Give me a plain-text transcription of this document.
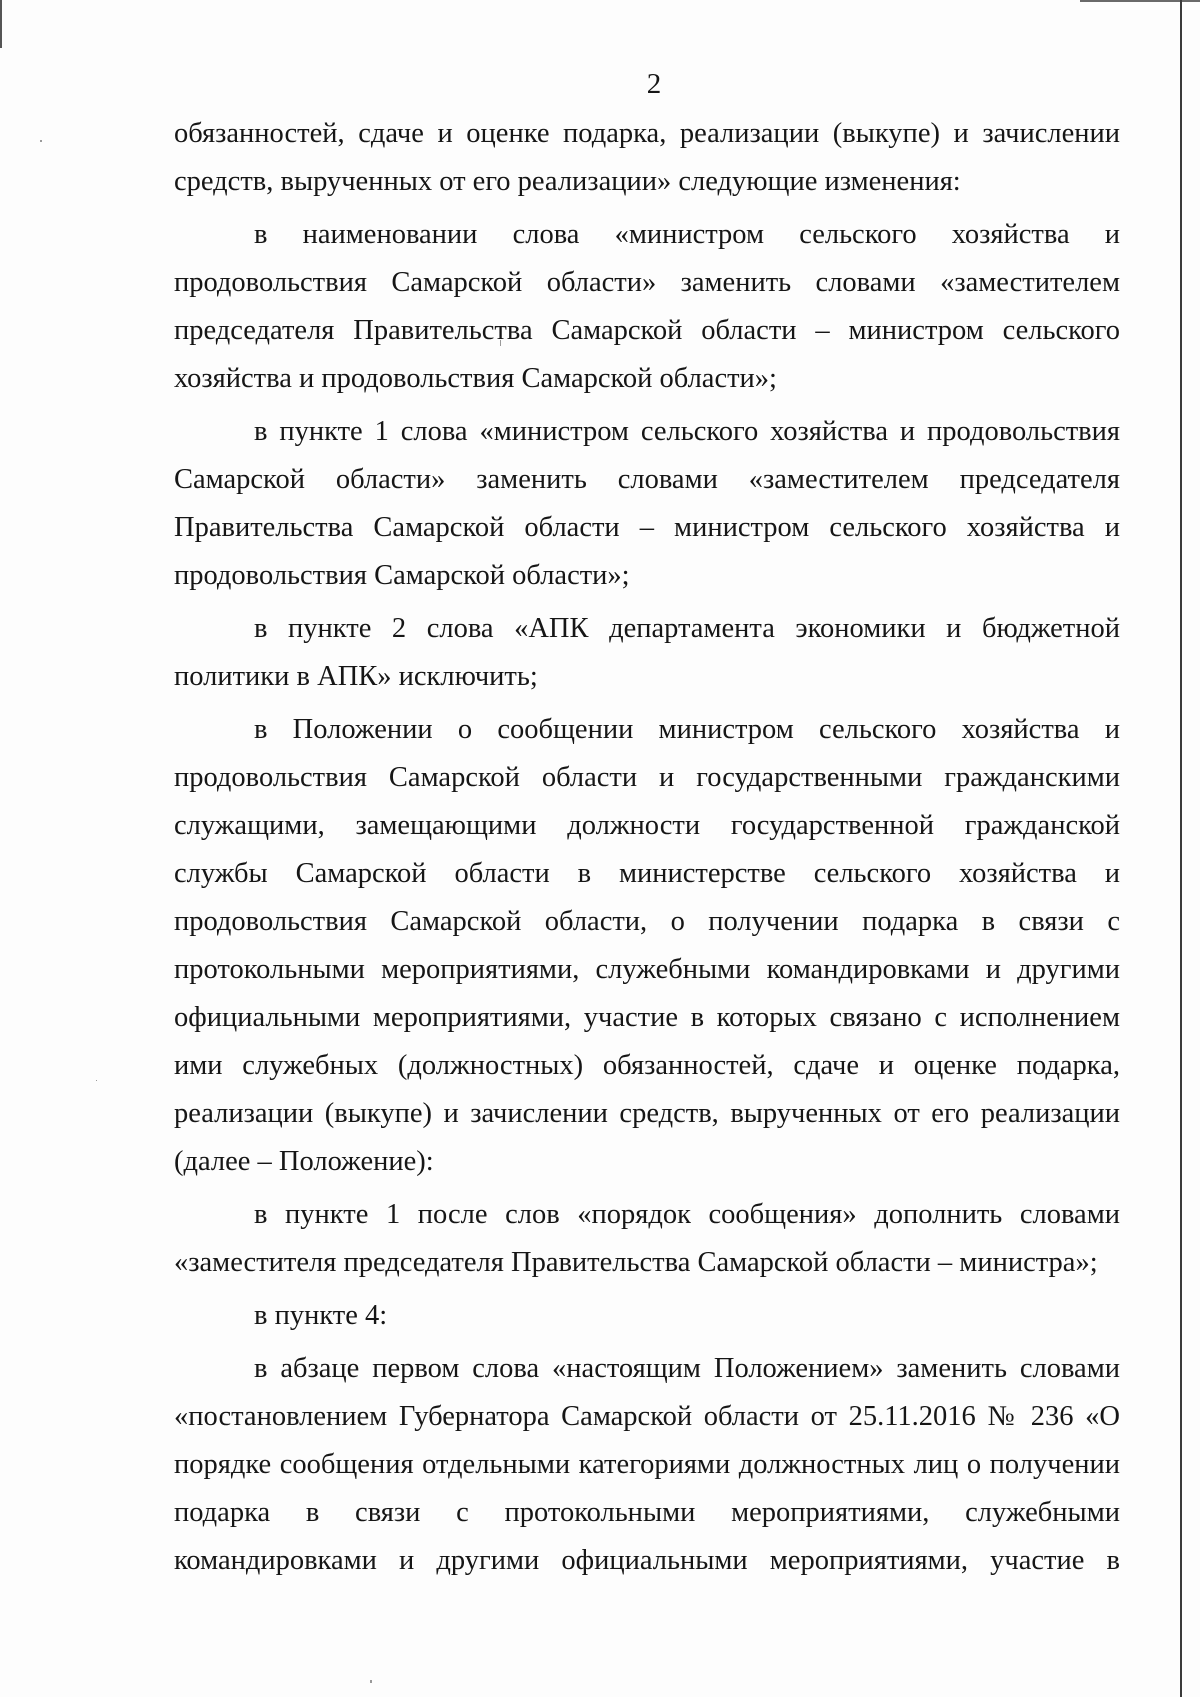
2

обязанностей, сдаче и оценке подарка, реализации (выкупе) и зачислении средств, вырученных от его реализации» следующие изменения:

в наименовании слова «министром сельского хозяйства и продовольствия Самарской области» заменить словами «заместителем председателя Правительства Самарской области – министром сельского хозяйства и продовольствия Самарской области»;

в пункте 1 слова «министром сельского хозяйства и продовольствия Самарской области» заменить словами «заместителем председателя Правительства Самарской области – министром сельского хозяйства и продовольствия Самарской области»;

в пункте 2 слова «АПК департамента экономики и бюджетной политики в АПК» исключить;

в Положении о сообщении министром сельского хозяйства и продовольствия Самарской области и государственными гражданскими служащими, замещающими должности государственной гражданской службы Самарской области в министерстве сельского хозяйства и продовольствия Самарской области, о получении подарка в связи с протокольными мероприятиями, служебными командировками и другими официальными мероприятиями, участие в которых связано с исполнением ими служебных (должностных) обязанностей, сдаче и оценке подарка, реализации (выкупе) и зачислении средств, вырученных от его реализации (далее – Положение):

в пункте 1 после слов «порядок сообщения» дополнить словами «заместителя председателя Правительства Самарской области – министра»;

в пункте 4:

в абзаце первом слова «настоящим Положением» заменить словами «постановлением Губернатора Самарской области от 25.11.2016 № 236 «О порядке сообщения отдельными категориями должностных лиц о получении подарка в связи с протокольными мероприятиями, служебными командировками и другими официальными мероприятиями, участие в
